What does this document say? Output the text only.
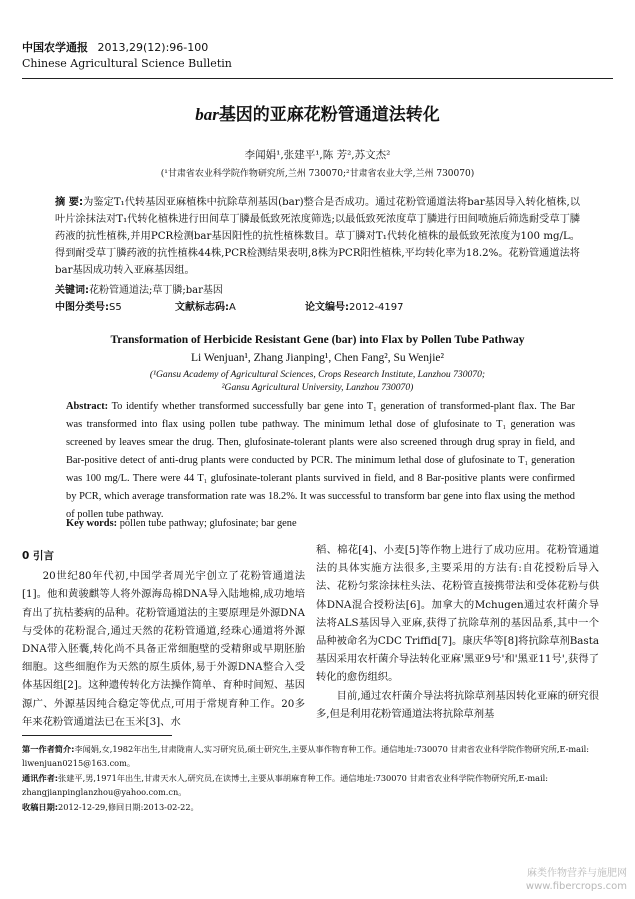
中国农学通报 2013,29(12):96-100
Chinese Agricultural Science Bulletin
bar基因的亚麻花粉管通道法转化
李闻娟¹,张建平¹,陈 芳²,苏文杰²
(¹甘肃省农业科学院作物研究所,兰州 730070;²甘肃省农业大学,兰州 730070)
摘 要:为鉴定T₁代转基因亚麻植株中抗除草剂基因(bar)整合是否成功。通过花粉管通道法将bar基因导入转化植株,以叶片涂抹法对T₁代转化植株进行田间草丁膦最低致死浓度筛选;以最低致死浓度草丁膦进行田间喷施后筛选耐受草丁膦药液的抗性植株,并用PCR检测bar基因阳性的抗性植株数目。草丁膦对T₁代转化植株的最低致死浓度为100 mg/L。得到耐受草丁膦药液的抗性植株44株,PCR检测结果表明,8株为PCR阳性植株,平均转化率为18.2%。花粉管通道法将bar基因成功转入亚麻基因组。
关键词:花粉管通道法;草丁膦;bar基因
中图分类号:S5	文献标志码:A	论文编号:2012-4197
Transformation of Herbicide Resistant Gene (bar) into Flax by Pollen Tube Pathway
Li Wenjuan¹, Zhang Jianping¹, Chen Fang², Su Wenjie²
(¹Gansu Academy of Agricultural Sciences, Crops Research Institute, Lanzhou 730070;
²Gansu Agricultural University, Lanzhou 730070)
Abstract: To identify whether transformed successfully bar gene into T₁ generation of transformed-plant flax. The Bar was transformed into flax using pollen tube pathway. The minimum lethal dose of glufosinate to T₁ generation was screened by leaves smear the drug. Then, glufosinate-tolerant plants were also screened through drug spray in field, and Bar-positive detect of anti-drug plants were conducted by PCR. The minimum lethal dose of glufosinate to T₁ generation was 100 mg/L. There were 44 T₁ glufosinate-tolerant plants survived in field, and 8 Bar-positive plants were confirmed by PCR, which average transformation rate was 18.2%. It was successful to transform bar gene into flax using the method of pollen tube pathway.
Key words: pollen tube pathway; glufosinate; bar gene
0 引言

20世纪80年代初,中国学者周光宇创立了花粉管通道法[1]。他和黄骏麒等人将外源海岛棉DNA导入陆地棉,成功地培育出了抗枯萎病的品种。花粉管通道法的主要原理是外源DNA与受体的花粉混合,通过天然的花粉管通道,经珠心通道将外源DNA带入胚囊,转化尚不具备正常细胞壁的受精卵或早期胚胎细胞。这些细胞作为天然的原生质体,易于外源DNA整合入受体基因组[2]。这种遗传转化方法操作简单、育种时间短、基因源广、外源基因纯合稳定等优点,可用于常规育种工作。20多年来花粉管通道法已在玉米[3]、水

稻、棉花[4]、小麦[5]等作物上进行了成功应用。花粉管通道法的具体实施方法很多,主要采用的方法有:自花授粉后导入法、花粉匀浆涂抹柱头法、花粉管直接携带法和受体花粉与供体DNA混合授粉法[6]。加拿大的Mchugen通过农杆菌介导法将ALS基因导入亚麻,获得了抗除草剂的基因品系,其中一个品种被命名为CDC Triffid[7]。康庆华等[8]将抗除草剂Basta基因采用农杆菌介导法转化亚麻'黑亚9号'和'黑亚11号',获得了转化的愈伤组织。

目前,通过农杆菌介导法将抗除草剂基因转化亚麻的研究很多,但是利用花粉管通道法将抗除草剂基

第一作者简介:李闻娟,女,1982年出生,甘肃陇南人,实习研究员,硕士研究生,主要从事作物育种工作。通信地址:730070 甘肃省农业科学院作物研究所,E-mail: liwenjuan0215@163.com。

通讯作者:张建平,男,1971年出生,甘肃天水人,研究员,在读博士,主要从事胡麻育种工作。通信地址:730070 甘肃省农业科学院作物研究所,E-mail: zhangjianpinglanzhou@yahoo.com.cn。

收稿日期:2012-12-29,修回日期:2013-02-22。

麻类作物营养与施肥网
www.fibercrops.com
